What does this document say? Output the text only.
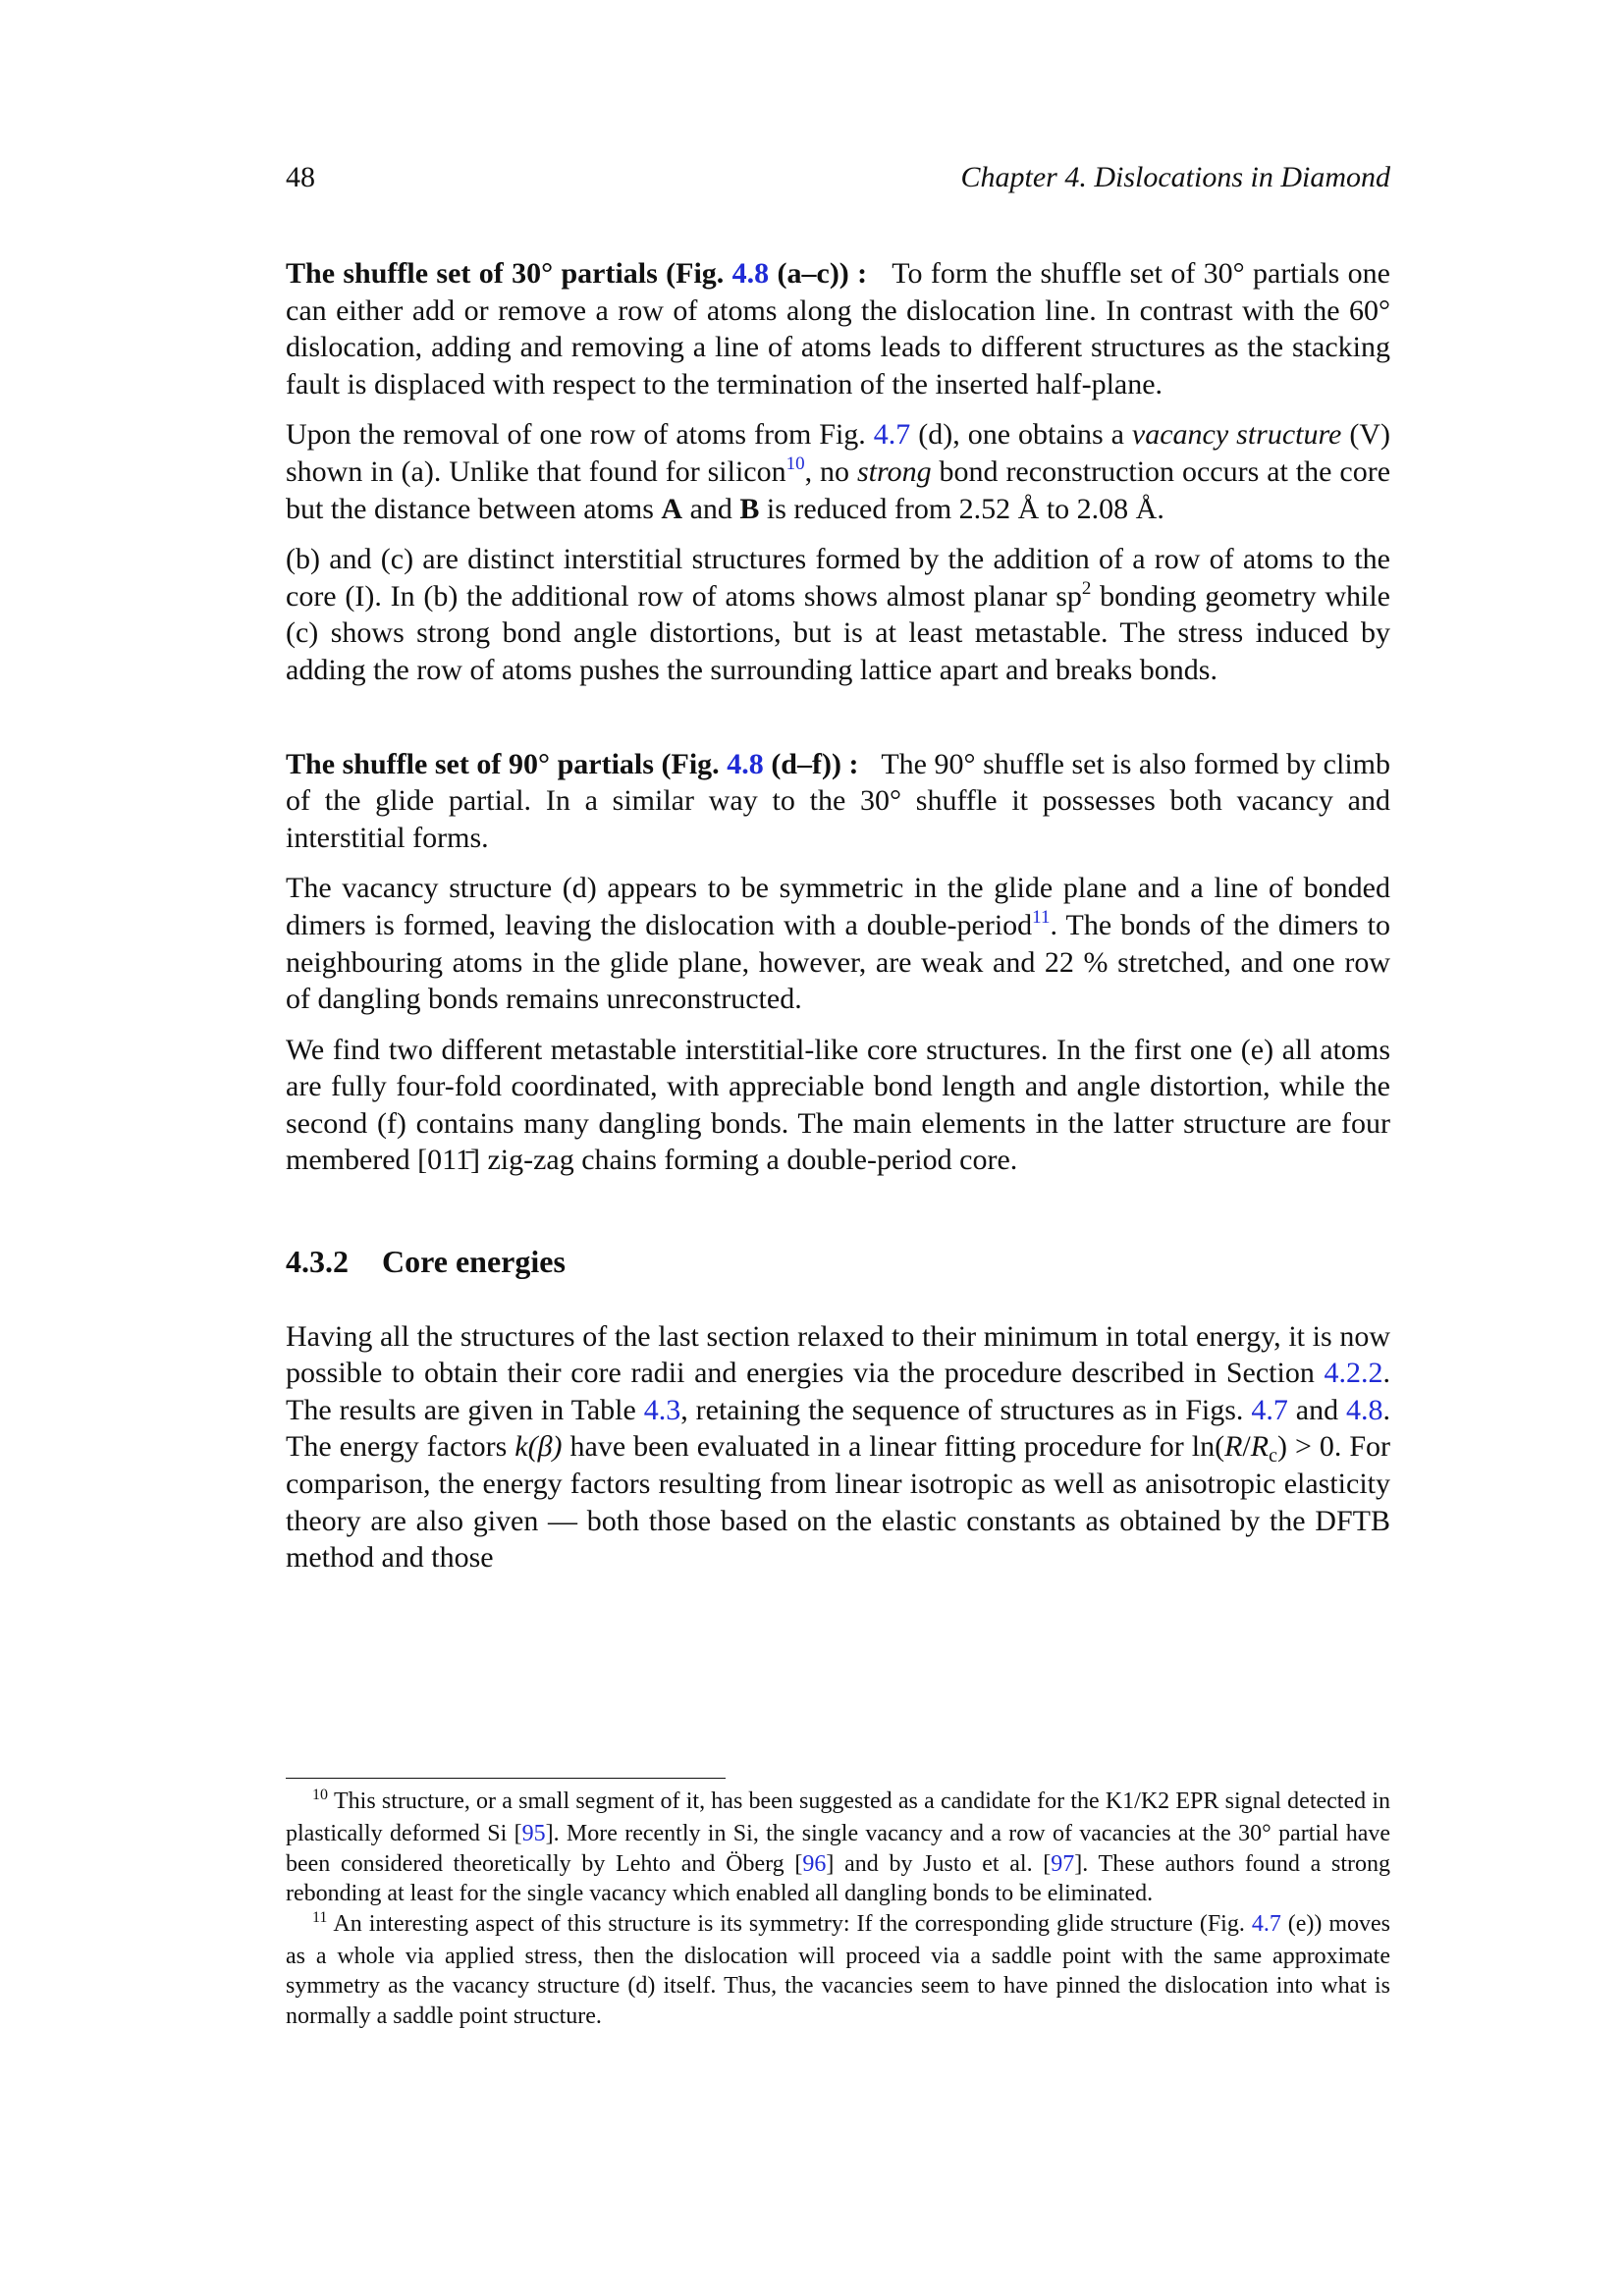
48	Chapter 4. Dislocations in Diamond

The shuffle set of 30° partials (Fig. 4.8 (a–c)) : To form the shuffle set of 30° partials one can either add or remove a row of atoms along the dislocation line. In contrast with the 60° dislocation, adding and removing a line of atoms leads to different structures as the stacking fault is displaced with respect to the termination of the inserted half-plane.

Upon the removal of one row of atoms from Fig. 4.7 (d), one obtains a vacancy structure (V) shown in (a). Unlike that found for silicon$^{10}$, no strong bond reconstruction occurs at the core but the distance between atoms A and B is reduced from 2.52 Å to 2.08 Å.

(b) and (c) are distinct interstitial structures formed by the addition of a row of atoms to the core (I). In (b) the additional row of atoms shows almost planar $sp^2$ bonding geometry while (c) shows strong bond angle distortions, but is at least metastable. The stress induced by adding the row of atoms pushes the surrounding lattice apart and breaks bonds.

The shuffle set of 90° partials (Fig. 4.8 (d–f)) : The 90° shuffle set is also formed by climb of the glide partial. In a similar way to the 30° shuffle it possesses both vacancy and interstitial forms.

The vacancy structure (d) appears to be symmetric in the glide plane and a line of bonded dimers is formed, leaving the dislocation with a double-period$^{11}$. The bonds of the dimers to neighbouring atoms in the glide plane, however, are weak and 22 % stretched, and one row of dangling bonds remains unreconstructed.

We find two different metastable interstitial-like core structures. In the first one (e) all atoms are fully four-fold coordinated, with appreciable bond length and angle distortion, while the second (f) contains many dangling bonds. The main elements in the latter structure are four membered [011̄] zig-zag chains forming a double-period core.

4.3.2 Core energies

Having all the structures of the last section relaxed to their minimum in total energy, it is now possible to obtain their core radii and energies via the procedure described in Section 4.2.2. The results are given in Table 4.3, retaining the sequence of structures as in Figs. 4.7 and 4.8. The energy factors k(β) have been evaluated in a linear fitting procedure for $\ln(R/R_c) > 0$. For comparison, the energy factors resulting from linear isotropic as well as anisotropic elasticity theory are also given — both those based on the elastic constants as obtained by the DFTB method and those

$^{10}$ This structure, or a small segment of it, has been suggested as a candidate for the K1/K2 EPR signal detected in plastically deformed Si [95]. More recently in Si, the single vacancy and a row of vacancies at the 30° partial have been considered theoretically by Lehto and Öberg [96] and by Justo et al. [97]. These authors found a strong rebonding at least for the single vacancy which enabled all dangling bonds to be eliminated.

$^{11}$ An interesting aspect of this structure is its symmetry: If the corresponding glide structure (Fig. 4.7 (e)) moves as a whole via applied stress, then the dislocation will proceed via a saddle point with the same approximate symmetry as the vacancy structure (d) itself. Thus, the vacancies seem to have pinned the dislocation into what is normally a saddle point structure.
